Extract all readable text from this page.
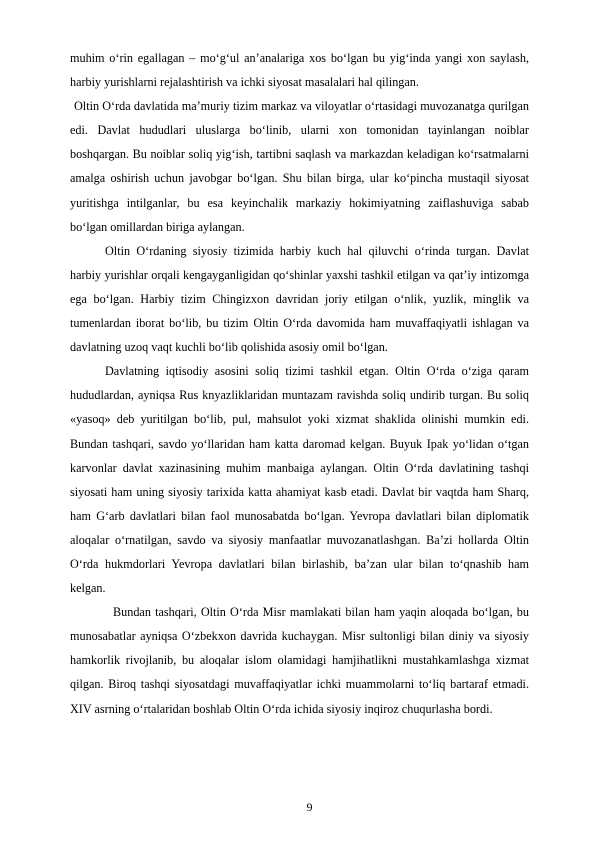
muhim o‘rin egallagan – mo‘g‘ul an’analariga xos bo‘lgan bu yig‘inda yangi xon saylash, harbiy yurishlarni rejalashtirish va ichki siyosat masalalari hal qilingan.

Oltin O‘rda davlatida ma’muriy tizim markaz va viloyatlar o‘rtasidagi muvozanatga qurilgan edi. Davlat hududlari uluslarga bo‘linib, ularni xon tomonidan tayinlangan noiblar boshqargan. Bu noiblar soliq yig‘ish, tartibni saqlash va markazdan keladigan ko‘rsatmalarni amalga oshirish uchun javobgar bo‘lgan. Shu bilan birga, ular ko‘pincha mustaqil siyosat yuritishga intilganlar, bu esa keyinchalik markaziy hokimiyatning zaiflashuviga sabab bo‘lgan omillardan biriga aylangan.

Oltin O‘rdaning siyosiy tizimida harbiy kuch hal qiluvchi o‘rinda turgan. Davlat harbiy yurishlar orqali kengayganligidan qo‘shinlar yaxshi tashkil etilgan va qat’iy intizomga ega bo‘lgan. Harbiy tizim Chingizxon davridan joriy etilgan o‘nlik, yuzlik, minglik va tumenlardan iborat bo‘lib, bu tizim Oltin O‘rda davomida ham muvaffaqiyatli ishlagan va davlatning uzoq vaqt kuchli bo‘lib qolishida asosiy omil bo‘lgan.

Davlatning iqtisodiy asosini soliq tizimi tashkil etgan. Oltin O‘rda o‘ziga qaram hududlardan, ayniqsa Rus knyazliklaridan muntazam ravishda soliq undirib turgan. Bu soliq «yasoq» deb yuritilgan bo‘lib, pul, mahsulot yoki xizmat shaklida olinishi mumkin edi. Bundan tashqari, savdo yo‘llaridan ham katta daromad kelgan. Buyuk Ipak yo‘lidan o‘tgan karvonlar davlat xazinasining muhim manbaiga aylangan. Oltin O‘rda davlatining tashqi siyosati ham uning siyosiy tarixida katta ahamiyat kasb etadi. Davlat bir vaqtda ham Sharq, ham G‘arb davlatlari bilan faol munosabatda bo‘lgan. Yevropa davlatlari bilan diplomatik aloqalar o‘rnatilgan, savdo va siyosiy manfaatlar muvozanatlashgan. Ba’zi hollarda Oltin O‘rda hukmdorlari Yevropa davlatlari bilan birlashib, ba’zan ular bilan to‘qnashib ham kelgan.

Bundan tashqari, Oltin O‘rda Misr mamlakati bilan ham yaqin aloqada bo‘lgan, bu munosabatlar ayniqsa O‘zbekxon davrida kuchaygan. Misr sultonligi bilan diniy va siyosiy hamkorlik rivojlanib, bu aloqalar islom olamidagi hamjihatlikni mustahkamlashga xizmat qilgan. Biroq tashqi siyosatdagi muvaffaqiyatlar ichki muammolarni to‘liq bartaraf etmadi. XIV asrning o‘rtalaridan boshlab Oltin O‘rda ichida siyosiy inqiroz chuqurlasha bordi.

9
